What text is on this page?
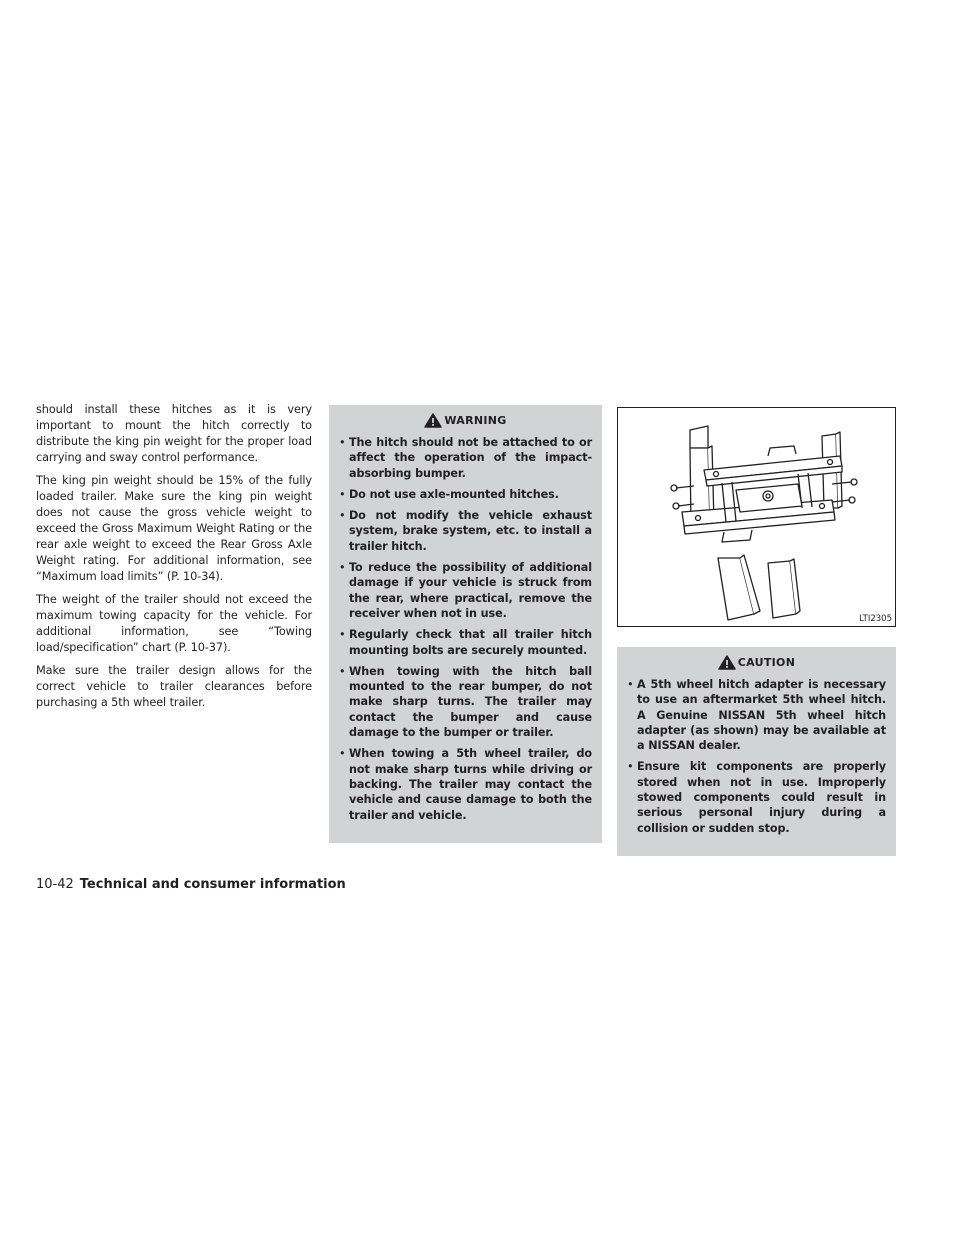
should install these hitches as it is very important to mount the hitch correctly to distribute the king pin weight for the proper load carrying and sway control performance.

The king pin weight should be 15% of the fully loaded trailer. Make sure the king pin weight does not cause the gross vehicle weight to exceed the Gross Maximum Weight Rating or the rear axle weight to exceed the Rear Gross Axle Weight rating. For additional information, see “Maximum load limits” (P. 10-34).

The weight of the trailer should not exceed the maximum towing capacity for the vehicle. For additional information, see “Towing load/specification” chart (P. 10-37).

Make sure the trailer design allows for the correct vehicle to trailer clearances before purchasing a 5th wheel trailer.

WARNING
• The hitch should not be attached to or affect the operation of the impact-absorbing bumper.
• Do not use axle-mounted hitches.
• Do not modify the vehicle exhaust system, brake system, etc. to install a trailer hitch.
• To reduce the possibility of additional damage if your vehicle is struck from the rear, where practical, remove the receiver when not in use.
• Regularly check that all trailer hitch mounting bolts are securely mounted.
• When towing with the hitch ball mounted to the rear bumper, do not make sharp turns. The trailer may contact the bumper and cause damage to the bumper or trailer.
• When towing a 5th wheel trailer, do not make sharp turns while driving or backing. The trailer may contact the vehicle and cause damage to both the trailer and vehicle.
LTI2305
CAUTION
• A 5th wheel hitch adapter is necessary to use an aftermarket 5th wheel hitch. A Genuine NISSAN 5th wheel hitch adapter (as shown) may be available at a NISSAN dealer.
• Ensure kit components are properly stored when not in use. Improperly stowed components could result in serious personal injury during a collision or sudden stop.
10-42 Technical and consumer information
